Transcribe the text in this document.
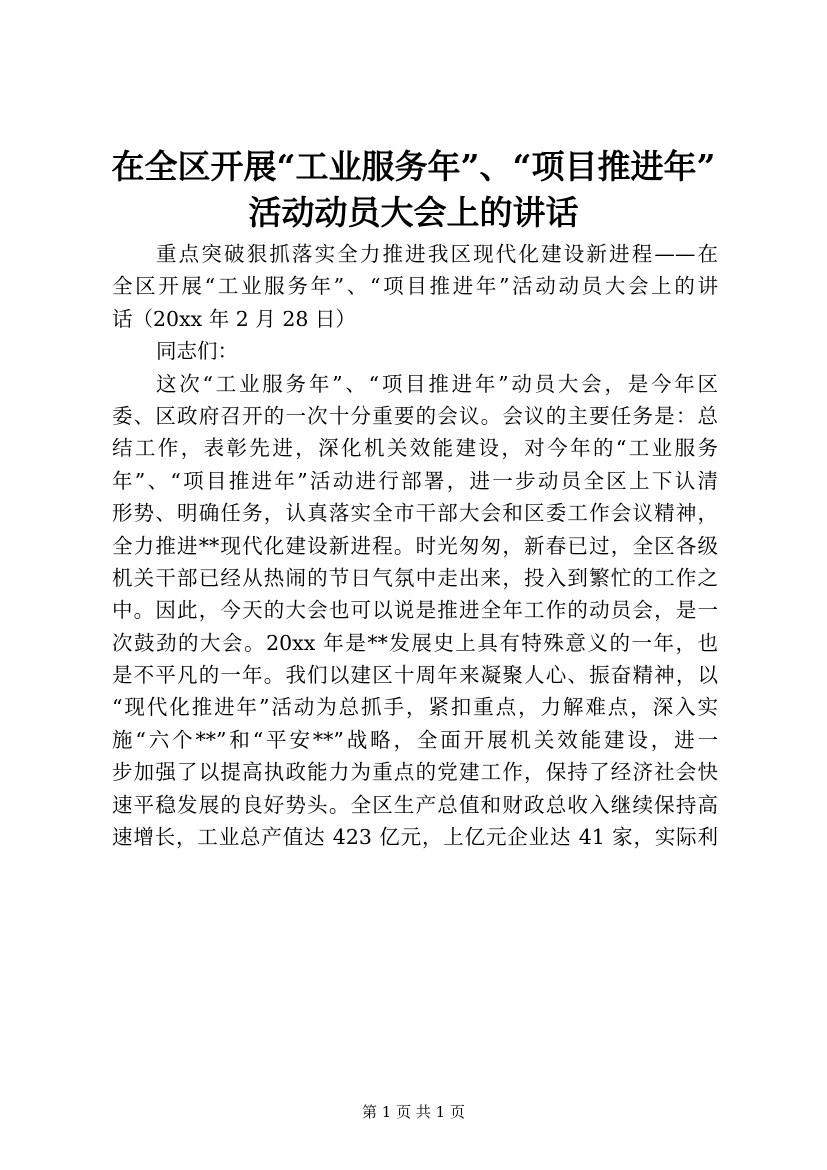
在全区开展“工业服务年”、“项目推进年”
活动动员大会上的讲话
重点突破狠抓落实全力推进我区现代化建设新进程——在
全区开展“工业服务年”、“项目推进年”活动动员大会上的讲
话（20xx 年 2 月 28 日）
同志们：
这次“工业服务年”、“项目推进年”动员大会，是今年区
委、区政府召开的一次十分重要的会议。会议的主要任务是：总
结工作，表彰先进，深化机关效能建设，对今年的“工业服务
年”、“项目推进年”活动进行部署，进一步动员全区上下认清
形势、明确任务，认真落实全市干部大会和区委工作会议精神，
全力推进**现代化建设新进程。时光匆匆，新春已过，全区各级
机关干部已经从热闹的节日气氛中走出来，投入到繁忙的工作之
中。因此，今天的大会也可以说是推进全年工作的动员会，是一
次鼓劲的大会。20xx 年是**发展史上具有特殊意义的一年，也
是不平凡的一年。我们以建区十周年来凝聚人心、振奋精神，以
“现代化推进年”活动为总抓手，紧扣重点，力解难点，深入实
施“六个**”和“平安**”战略，全面开展机关效能建设，进一
步加强了以提高执政能力为重点的党建工作，保持了经济社会快
速平稳发展的良好势头。全区生产总值和财政总收入继续保持高
速增长，工业总产值达 423 亿元，上亿元企业达 41 家，实际利
第 1 页 共 1 页
